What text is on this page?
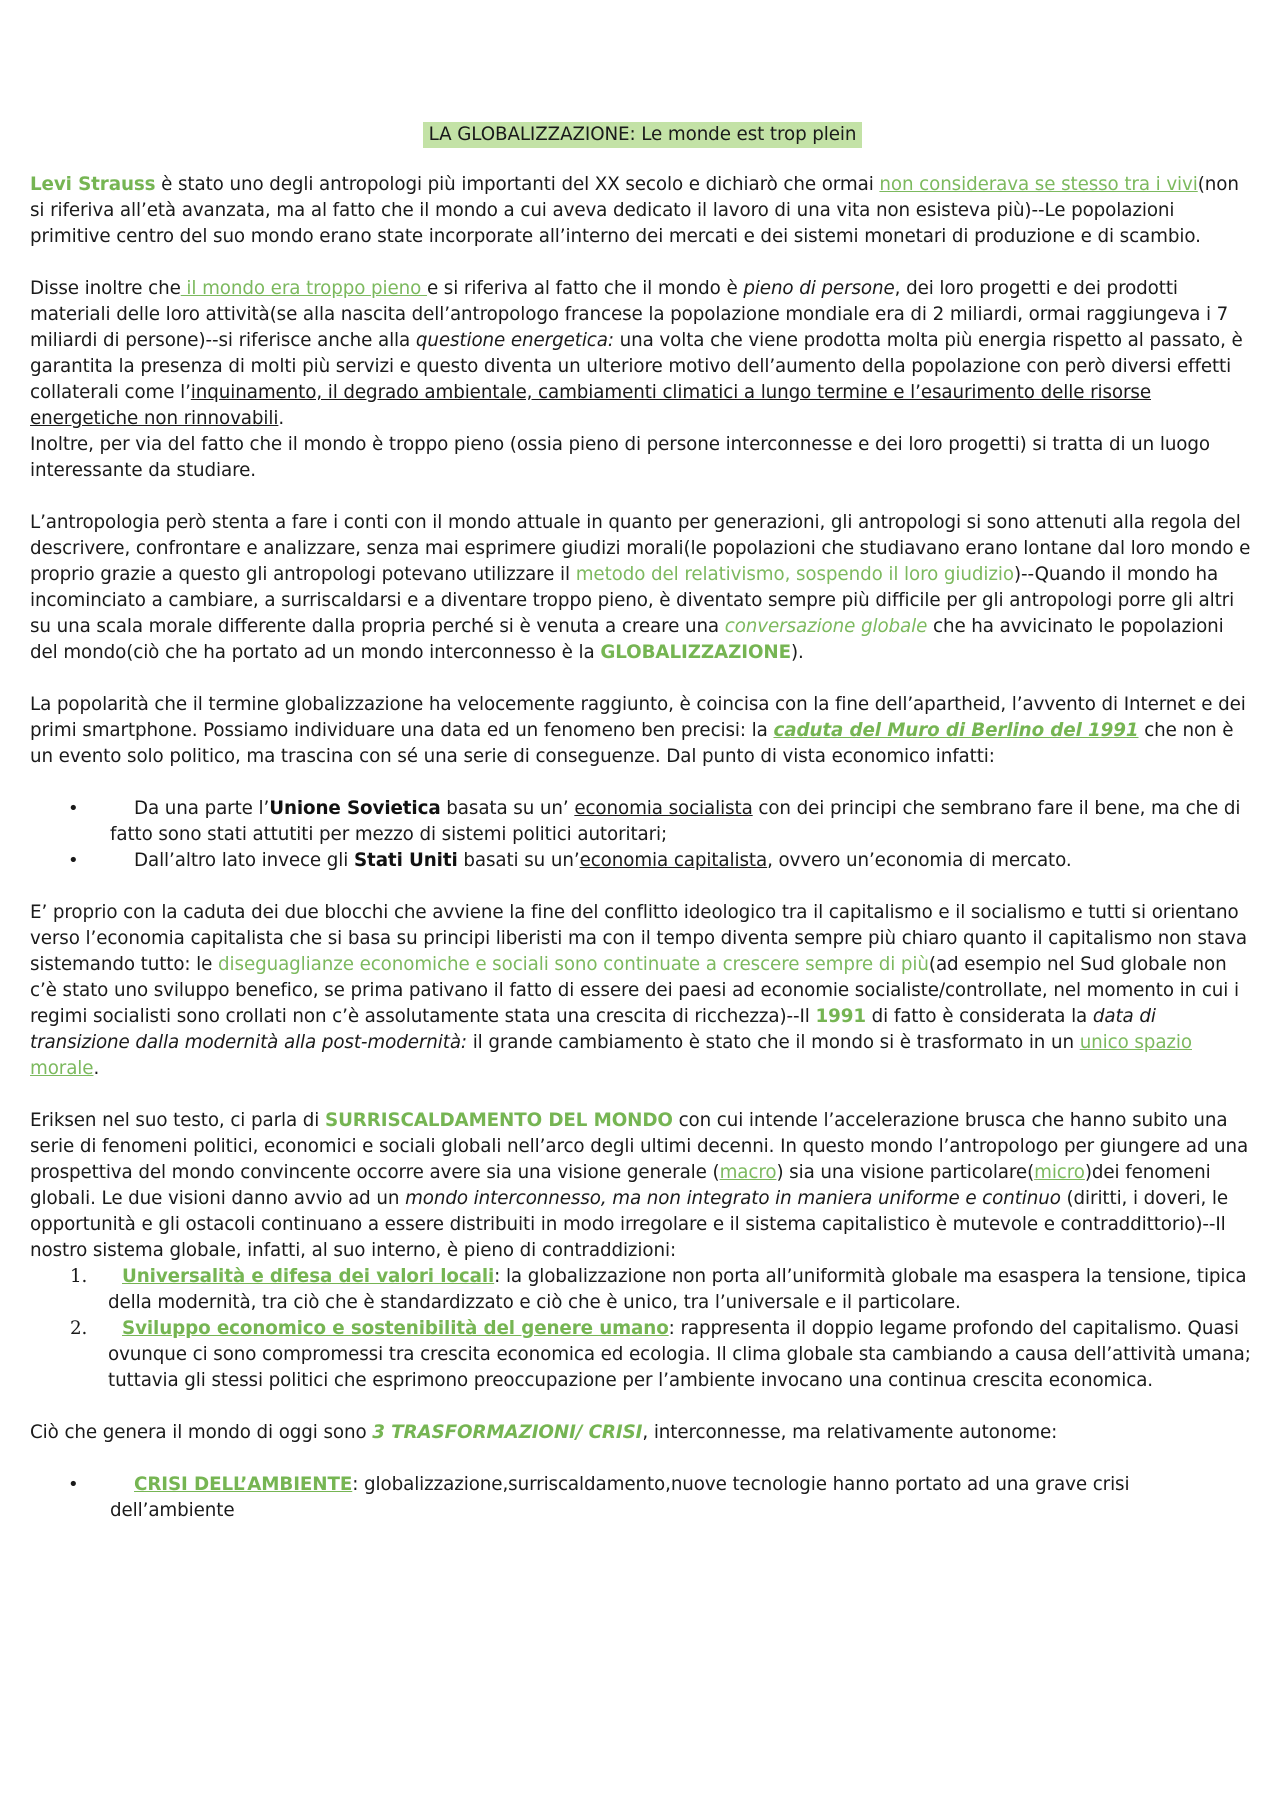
LA GLOBALIZZAZIONE: Le monde est trop plein

Levi Strauss è stato uno degli antropologi più importanti del XX secolo e dichiarò che ormai non considerava se stesso tra i vivi(non si riferiva all’età avanzata, ma al fatto che il mondo a cui aveva dedicato il lavoro di una vita non esisteva più)--Le popolazioni primitive centro del suo mondo erano state incorporate all’interno dei mercati e dei sistemi monetari di produzione e di scambio.

Disse inoltre che il mondo era troppo pieno e si riferiva al fatto che il mondo è pieno di persone, dei loro progetti e dei prodotti materiali delle loro attività(se alla nascita dell’antropologo francese la popolazione mondiale era di 2 miliardi, ormai raggiungeva i 7 miliardi di persone)--si riferisce anche alla questione energetica: una volta che viene prodotta molta più energia rispetto al passato, è garantita la presenza di molti più servizi e questo diventa un ulteriore motivo dell’aumento della popolazione con però diversi effetti collaterali come l’inquinamento, il degrado ambientale, cambiamenti climatici a lungo termine e l’esaurimento delle risorse energetiche non rinnovabili.
Inoltre, per via del fatto che il mondo è troppo pieno (ossia pieno di persone interconnesse e dei loro progetti) si tratta di un luogo interessante da studiare.

L’antropologia però stenta a fare i conti con il mondo attuale in quanto per generazioni, gli antropologi si sono attenuti alla regola del descrivere, confrontare e analizzare, senza mai esprimere giudizi morali(le popolazioni che studiavano erano lontane dal loro mondo e proprio grazie a questo gli antropologi potevano utilizzare il metodo del relativismo, sospendo il loro giudizio)--Quando il mondo ha incominciato a cambiare, a surriscaldarsi e a diventare troppo pieno, è diventato sempre più difficile per gli antropologi porre gli altri su una scala morale differente dalla propria perché si è venuta a creare una conversazione globale che ha avvicinato le popolazioni del mondo(ciò che ha portato ad un mondo interconnesso è la GLOBALIZZAZIONE).

La popolarità che il termine globalizzazione ha velocemente raggiunto, è coincisa con la fine dell’apartheid, l’avvento di Internet e dei primi smartphone. Possiamo individuare una data ed un fenomeno ben precisi: la caduta del Muro di Berlino del 1991 che non è un evento solo politico, ma trascina con sé una serie di conseguenze. Dal punto di vista economico infatti:

• Da una parte l’Unione Sovietica basata su un’ economia socialista con dei principi che sembrano fare il bene, ma che di fatto sono stati attutiti per mezzo di sistemi politici autoritari;
• Dall’altro lato invece gli Stati Uniti basati su un’economia capitalista, ovvero un’economia di mercato.

E’ proprio con la caduta dei due blocchi che avviene la fine del conflitto ideologico tra il capitalismo e il socialismo e tutti si orientano verso l’economia capitalista che si basa su principi liberisti ma con il tempo diventa sempre più chiaro quanto il capitalismo non stava sistemando tutto: le diseguaglianze economiche e sociali sono continuate a crescere sempre di più(ad esempio nel Sud globale non c’è stato uno sviluppo benefico, se prima pativano il fatto di essere dei paesi ad economie socialiste/controllate, nel momento in cui i regimi socialisti sono crollati non c’è assolutamente stata una crescita di ricchezza)--Il 1991 di fatto è considerata la data di transizione dalla modernità alla post-modernità: il grande cambiamento è stato che il mondo si è trasformato in un unico spazio morale.

Eriksen nel suo testo, ci parla di SURRISCALDAMENTO DEL MONDO con cui intende l’accelerazione brusca che hanno subito una serie di fenomeni politici, economici e sociali globali nell’arco degli ultimi decenni. In questo mondo l’antropologo per giungere ad una prospettiva del mondo convincente occorre avere sia una visione generale (macro) sia una visione particolare(micro)dei fenomeni globali. Le due visioni danno avvio ad un mondo interconnesso, ma non integrato in maniera uniforme e continuo (diritti, i doveri, le opportunità e gli ostacoli continuano a essere distribuiti in modo irregolare e il sistema capitalistico è mutevole e contraddittorio)--Il nostro sistema globale, infatti, al suo interno, è pieno di contraddizioni:

1. Universalità e difesa dei valori locali: la globalizzazione non porta all’uniformità globale ma esaspera la tensione, tipica della modernità, tra ciò che è standardizzato e ciò che è unico, tra l’universale e il particolare.
2. Sviluppo economico e sostenibilità del genere umano: rappresenta il doppio legame profondo del capitalismo. Quasi ovunque ci sono compromessi tra crescita economica ed ecologia. Il clima globale sta cambiando a causa dell’attività umana; tuttavia gli stessi politici che esprimono preoccupazione per l’ambiente invocano una continua crescita economica.

Ciò che genera il mondo di oggi sono 3 TRASFORMAZIONI/ CRISI, interconnesse, ma relativamente autonome:

• CRISI DELL’AMBIENTE: globalizzazione,surriscaldamento,nuove tecnologie hanno portato ad una grave crisi dell’ambiente
